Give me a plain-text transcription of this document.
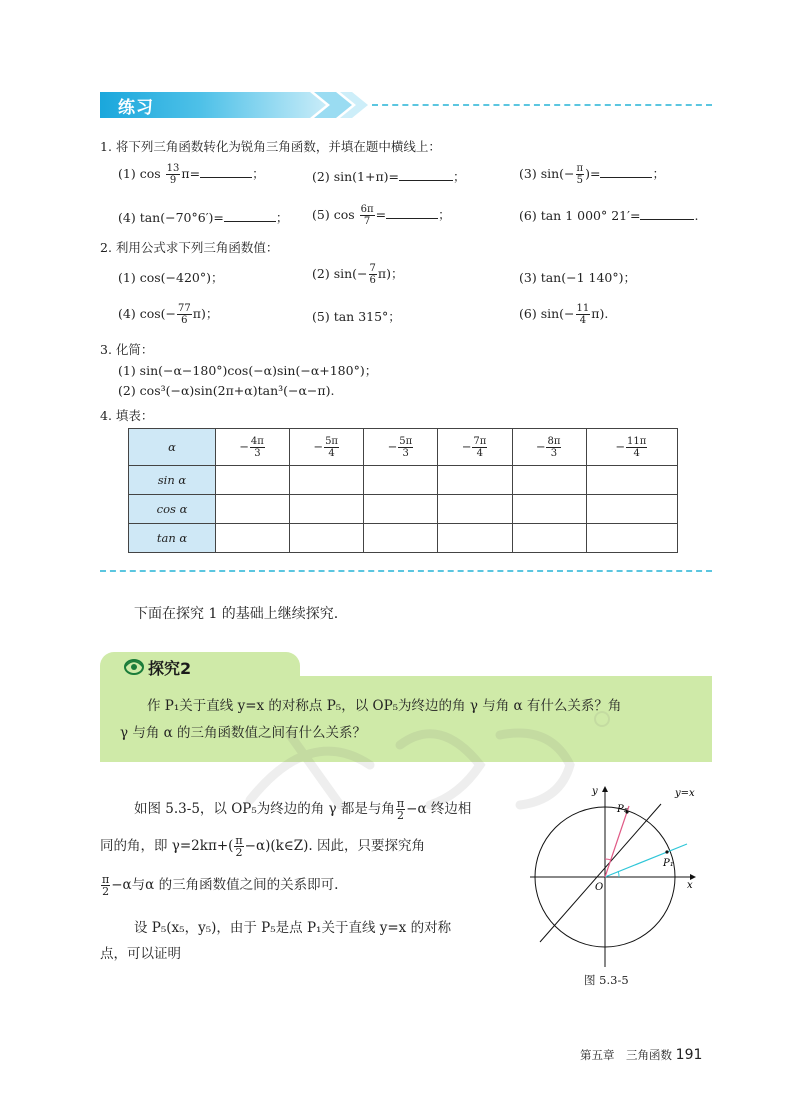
练习
1. 将下列三角函数转化为锐角三角函数，并填在题中横线上：
(1) $\cos \frac{13}{9} \pi=$	；	(2) sin(1+π)=	；	(3) $\sin(- \frac{\pi}{5}$ )=	；
(4) tan(−70°6′)=	； (5) $\cos \frac{6\pi}{7}$ =	；	(6) tan 1 000° 21′=	.
2. 利用公式求下列三角函数值：
(1) cos(−420°)；	(2) $\sin(- \frac{7}{6} \pi)$；	(3) tan(−1 140°)；
(4) $\cos(- \frac{77}{6} \pi)$；	(5) tan 315°；	(6) $\sin(- \frac{11}{4} \pi)$.
3. 化简：
(1) sin(−α−180°)cos(−α)sin(−α+180°)；
(2) cos³(−α)sin(2π+α)tan³(−α−π).
4. 填表：
α	− $\frac{4\pi}{3}$	− $\frac{5\pi}{4}$	− $\frac{5\pi}{3}$	− $\frac{7\pi}{4}$	− $\frac{8\pi}{3}$	− $\frac{11\pi}{4}$

sin α						
cos α						
tan α						
下面在探究 1 的基础上继续探究.
探究2
作 P₁关于直线 y=x 的对称点 P₅，以 OP₅为终边的角 γ 与角 α 有什么关系？角
γ 与角 α 的三角函数值之间有什么关系？
如图 5.3-5，以 OP₅为终边的角 γ 都是与角 $\frac{\pi}{2} -\alpha$ 终边相
同的角，即 $\gamma=2k\pi+( \frac{\pi}{2}$ −α)(k∈Z). 因此，只要探究角
$\frac{\pi}{2} -\alpha$与α 的三角函数值之间的关系即可.
设 P₅(x₅，y₅)，由于 P₅是点 P₁关于直线 y=x 的对称
点，可以证明
y=x
y
x
O
P₁
P₅
图 5.3-5
第五章　三角函数 191
